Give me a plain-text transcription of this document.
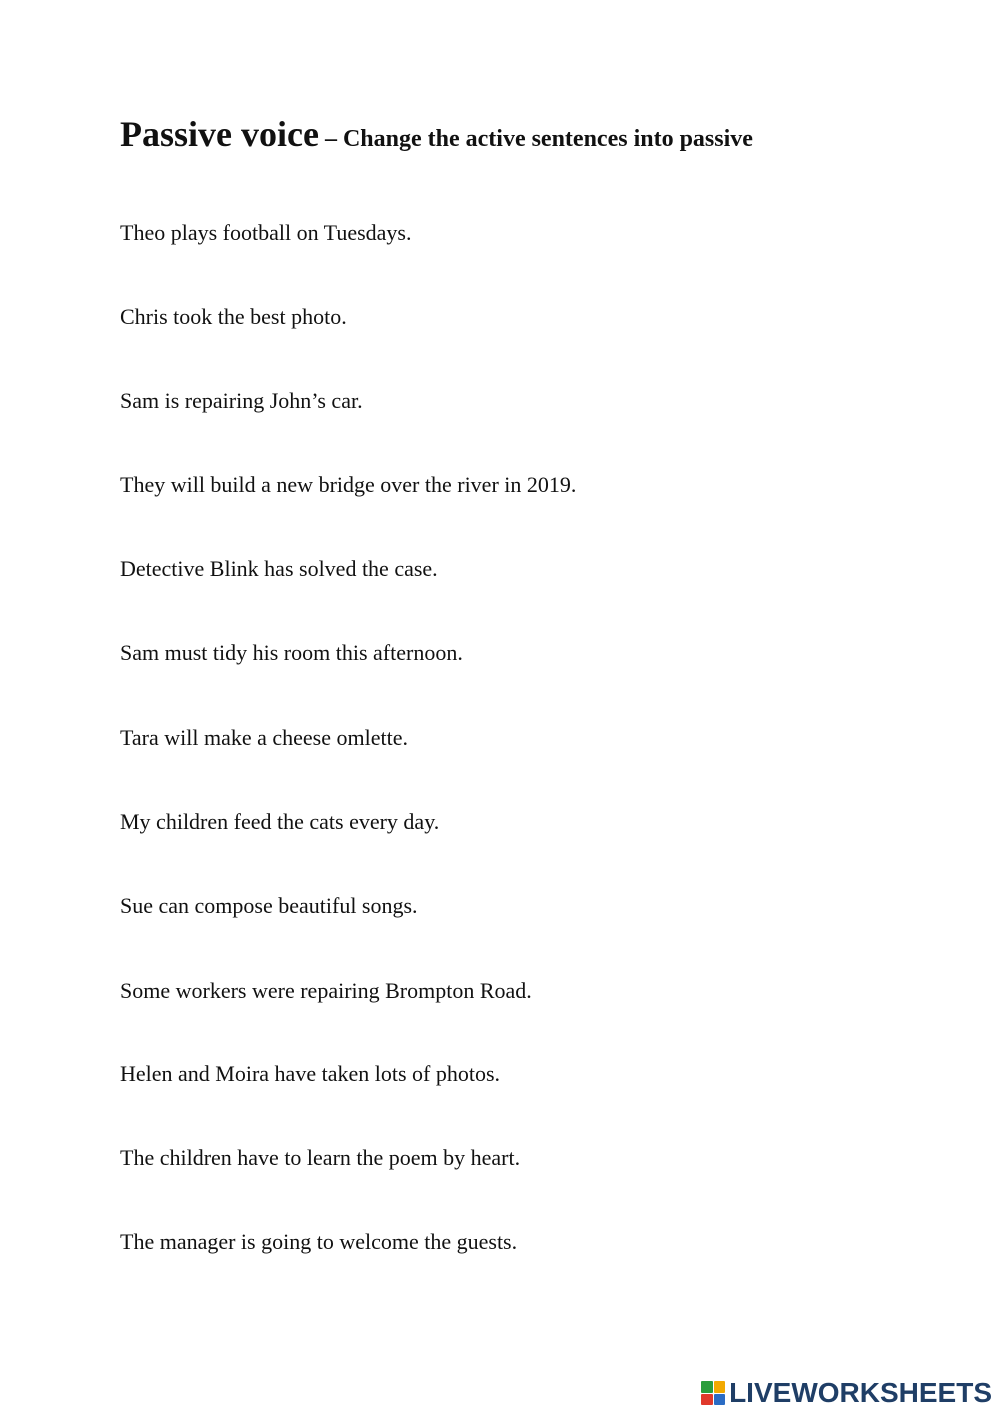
Passive voice – Change the active sentences into passive
Theo plays football on Tuesdays.
Chris took the best photo.
Sam is repairing John’s car.
They will build a new bridge over the river in 2019.
Detective Blink has solved the case.
Sam must tidy his room this afternoon.
Tara will make a cheese omlette.
My children feed the cats every day.
Sue can compose beautiful songs.
Some workers were repairing Brompton Road.
Helen and Moira have taken lots of photos.
The children have to learn the poem by heart.
The manager is going to welcome the guests.
LIVEWORKSHEETS
